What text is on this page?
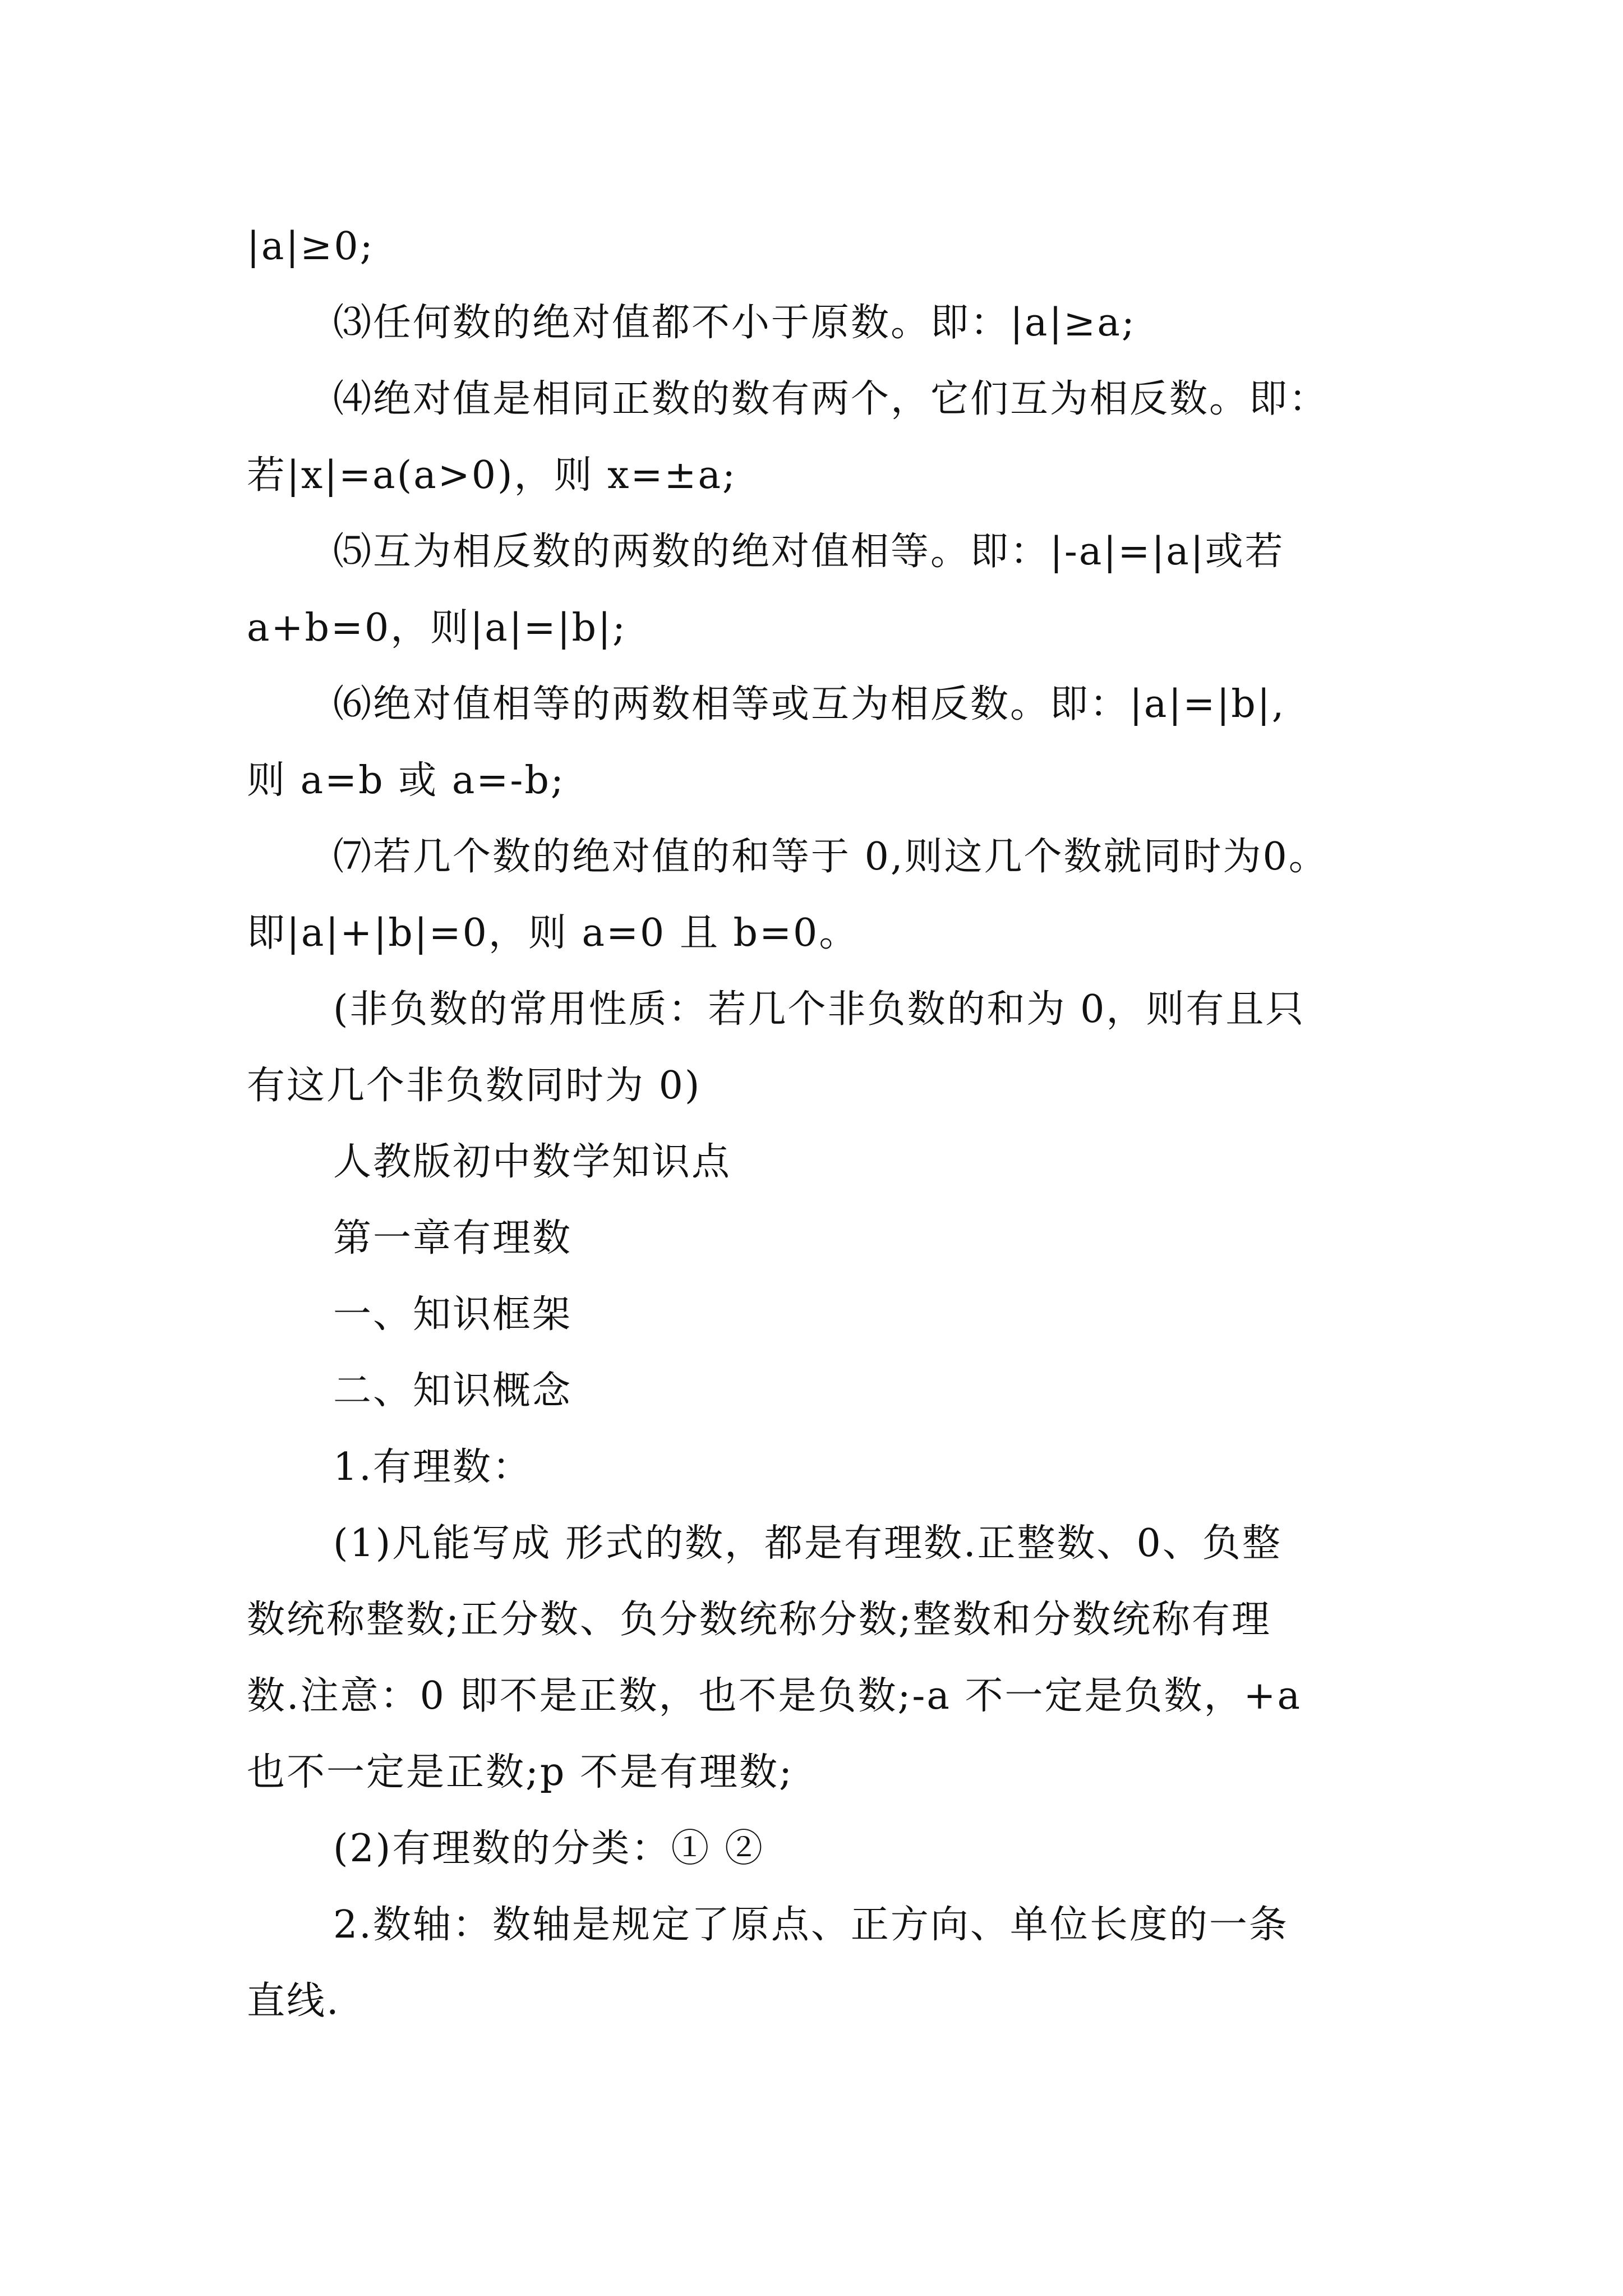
|a|≥0;
⑶任何数的绝对值都不小于原数。即：|a|≥a;
⑷绝对值是相同正数的数有两个，它们互为相反数。即：
若|x|=a(a>0)，则 x=±a;
⑸互为相反数的两数的绝对值相等。即：|-a|=|a|或若
a+b=0，则|a|=|b|;
⑹绝对值相等的两数相等或互为相反数。即：|a|=|b|,
则 a=b 或 a=-b;
⑺若几个数的绝对值的和等于 0,则这几个数就同时为0。
即|a|+|b|=0，则 a=0 且 b=0。
(非负数的常用性质：若几个非负数的和为 0，则有且只
有这几个非负数同时为 0)
人教版初中数学知识点
第一章有理数
一、知识框架
二、知识概念
1.有理数：
(1)凡能写成 形式的数，都是有理数.正整数、0、负整
数统称整数;正分数、负分数统称分数;整数和分数统称有理
数.注意：0 即不是正数，也不是负数;-a 不一定是负数，+a
也不一定是正数;p 不是有理数;
(2)有理数的分类：① ②
2.数轴：数轴是规定了原点、正方向、单位长度的一条
直线.
